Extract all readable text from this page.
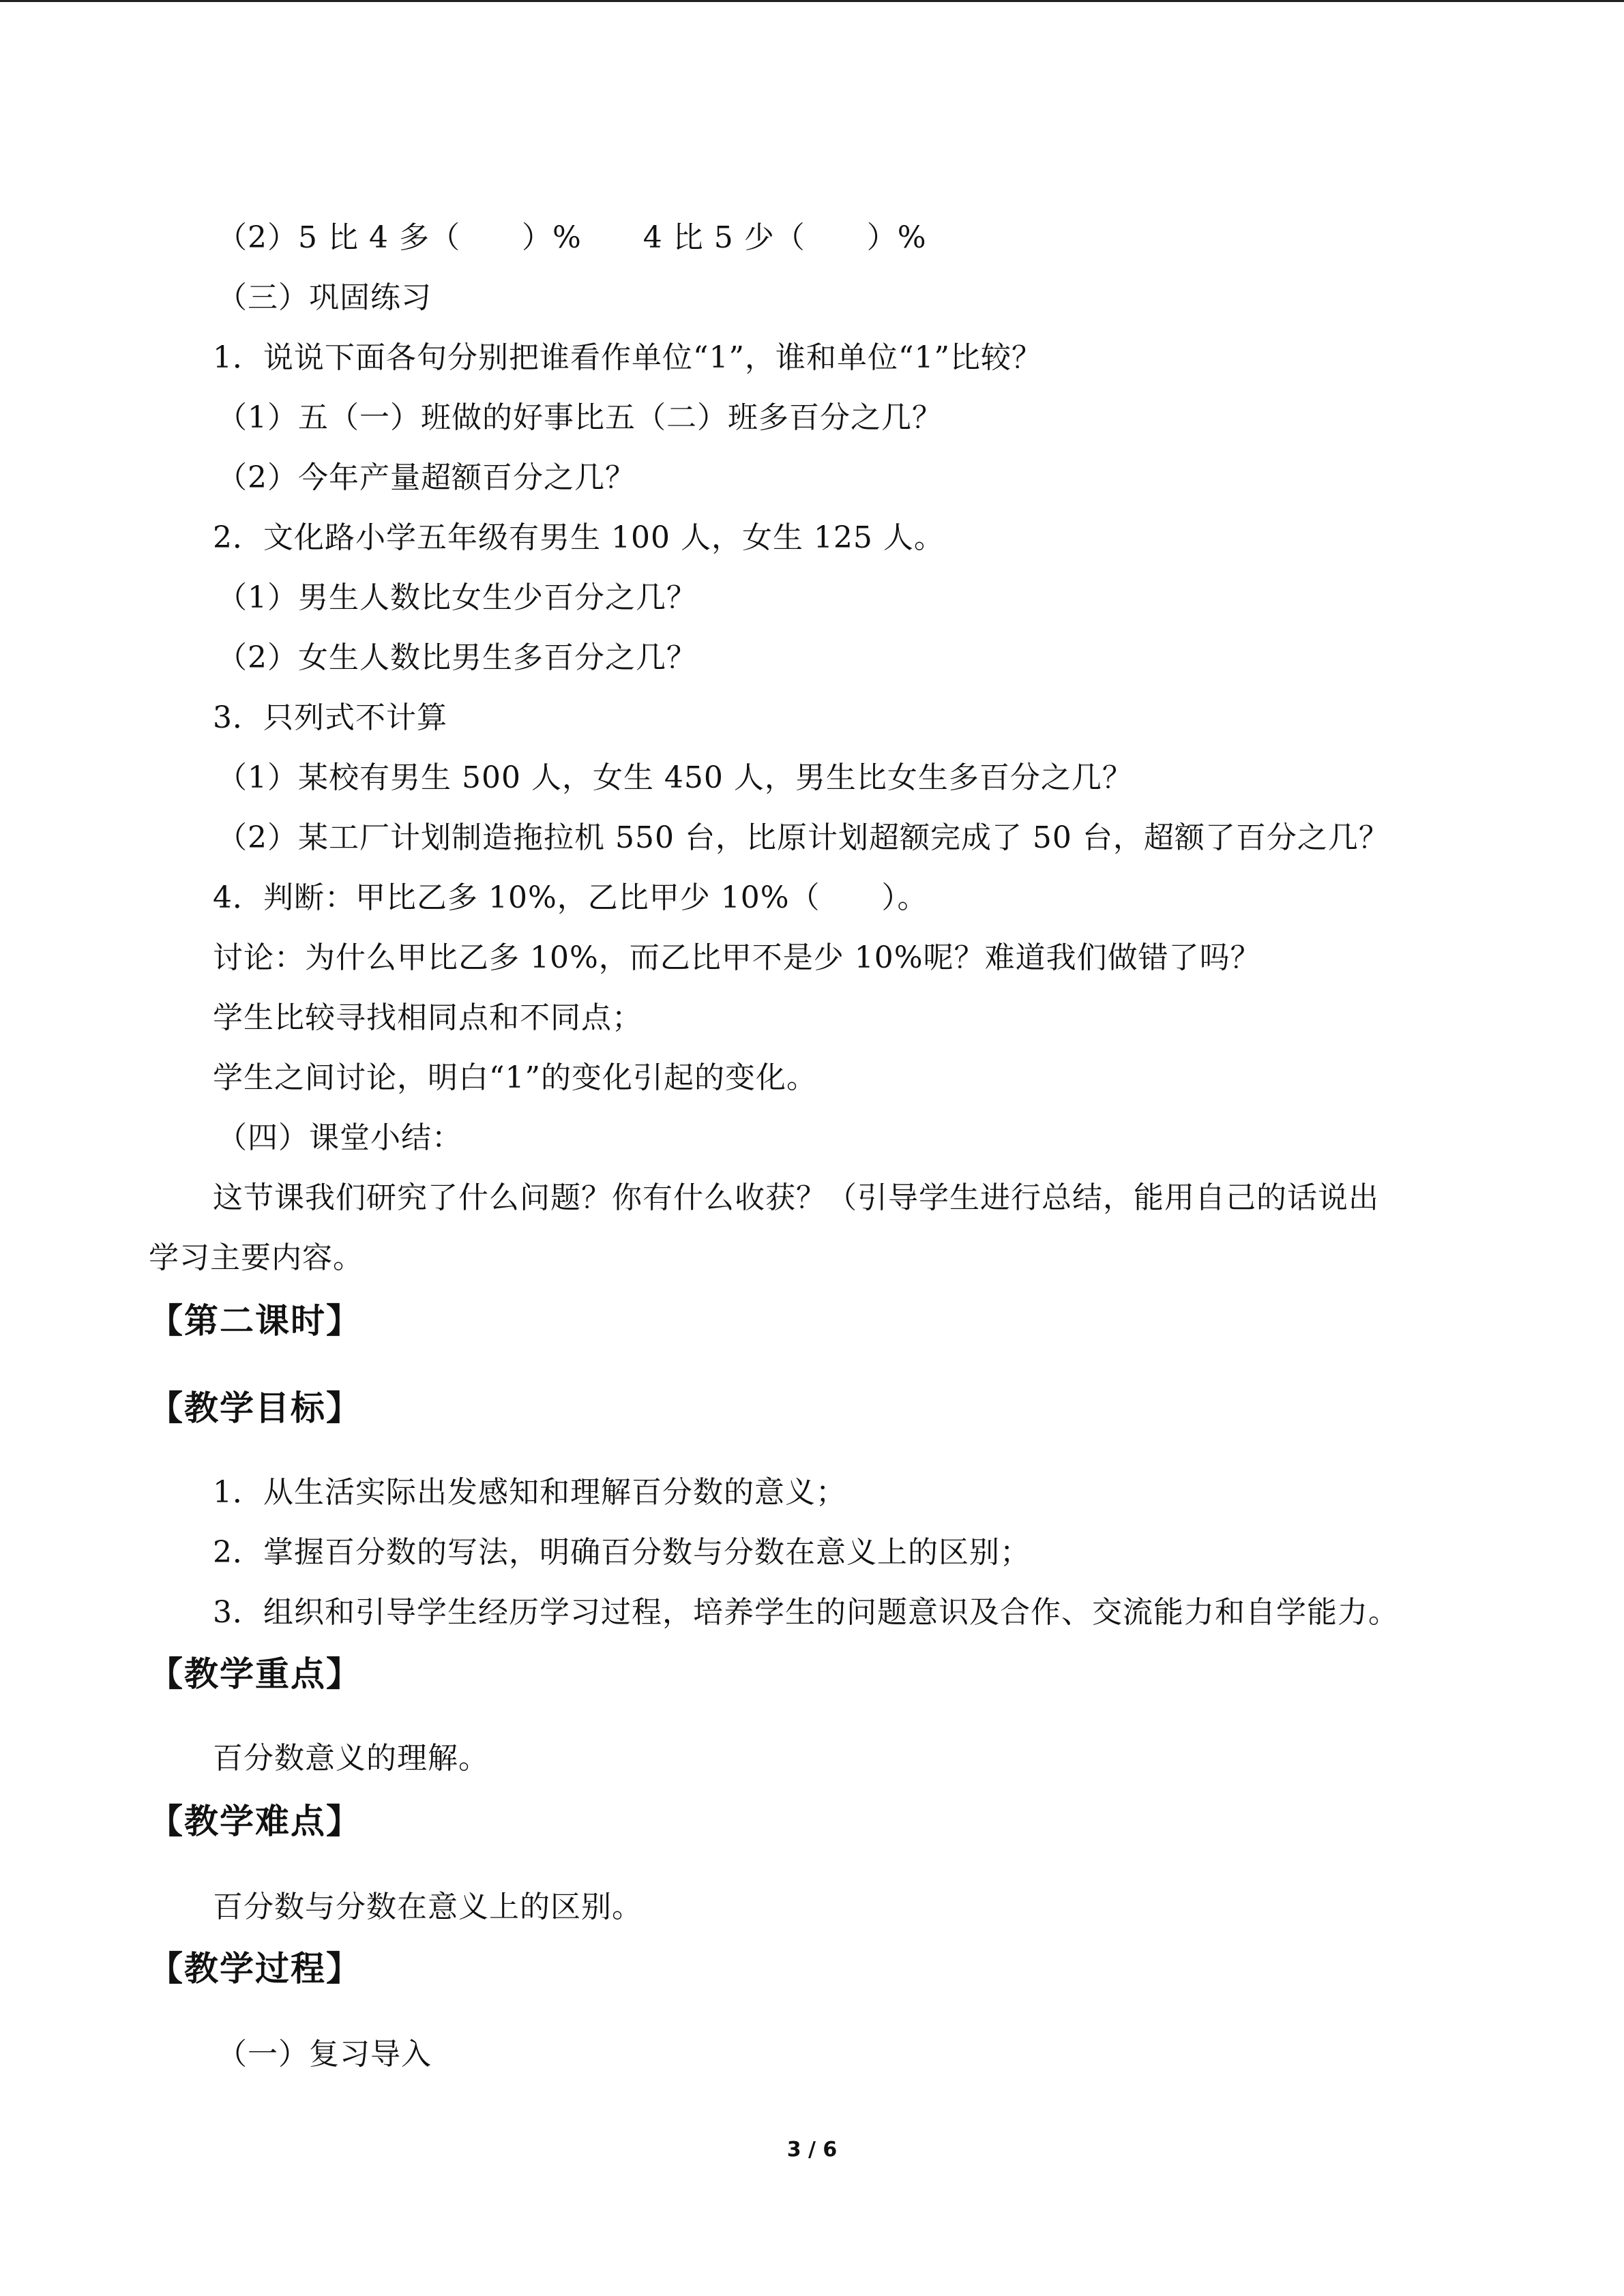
（2）5 比 4 多（　　）%　　4 比 5 少（　　）%
（三）巩固练习
1．说说下面各句分别把谁看作单位“1”，谁和单位“1”比较？
（1）五（一）班做的好事比五（二）班多百分之几？
（2）今年产量超额百分之几？
2．文化路小学五年级有男生 100 人，女生 125 人。
（1）男生人数比女生少百分之几？
（2）女生人数比男生多百分之几？
3．只列式不计算
（1）某校有男生 500 人，女生 450 人，男生比女生多百分之几？
（2）某工厂计划制造拖拉机 550 台，比原计划超额完成了 50 台，超额了百分之几？
4．判断：甲比乙多 10%，乙比甲少 10%（　　）。
讨论：为什么甲比乙多 10%，而乙比甲不是少 10%呢？难道我们做错了吗？
学生比较寻找相同点和不同点；
学生之间讨论，明白“1”的变化引起的变化。
（四）课堂小结：
这节课我们研究了什么问题？你有什么收获？（引导学生进行总结，能用自己的话说出
学习主要内容。
【第二课时】
【教学目标】
1．从生活实际出发感知和理解百分数的意义；
2．掌握百分数的写法，明确百分数与分数在意义上的区别；
3．组织和引导学生经历学习过程，培养学生的问题意识及合作、交流能力和自学能力。
【教学重点】
百分数意义的理解。
【教学难点】
百分数与分数在意义上的区别。
【教学过程】
（一）复习导入
3 / 6
